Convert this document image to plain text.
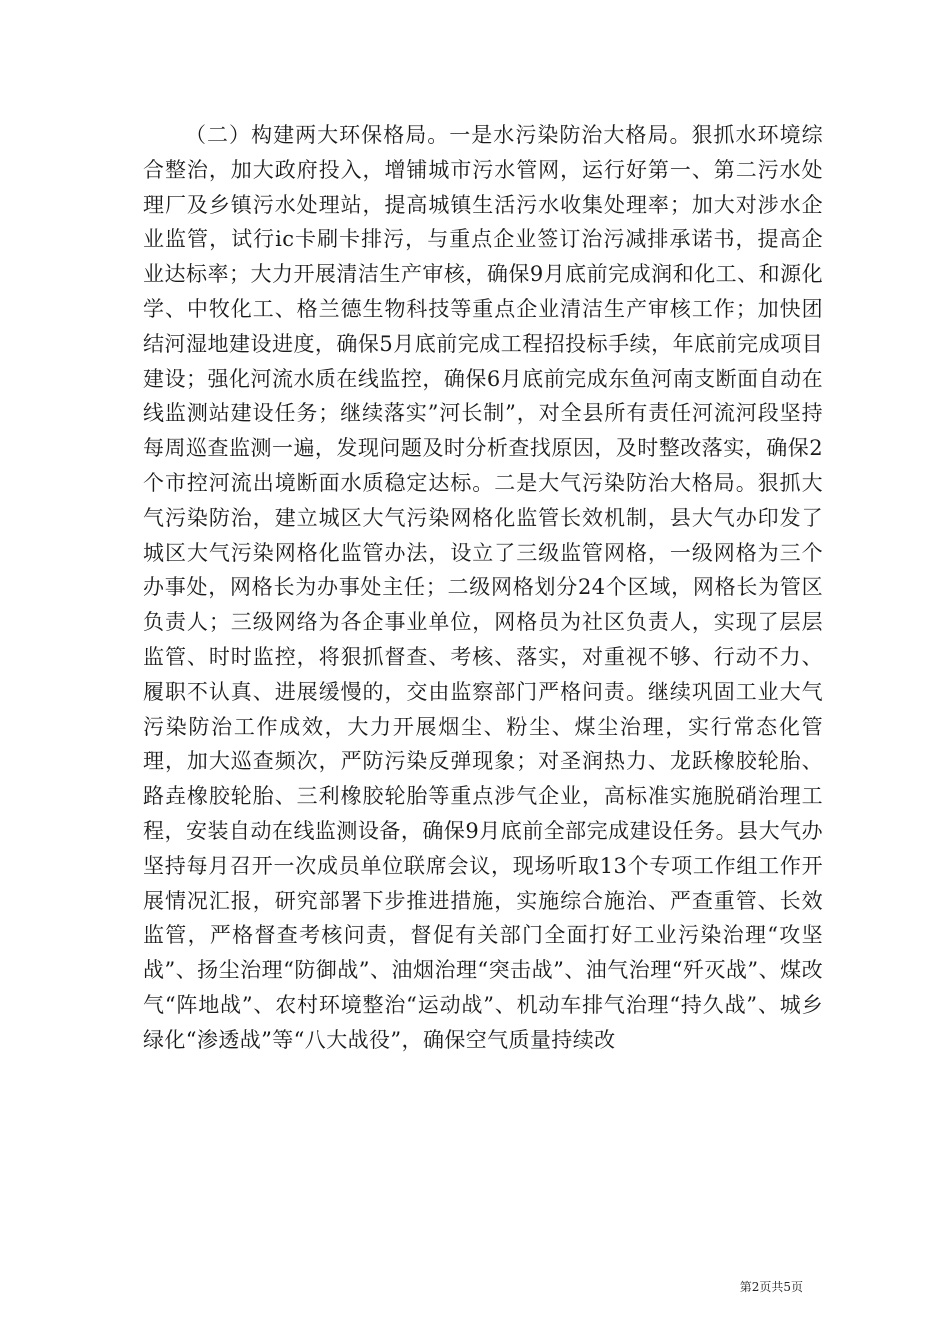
（二）构建两大环保格局。一是水污染防治大格局。狠抓水环境综合整治，加大政府投入，增铺城市污水管网，运行好第一、第二污水处理厂及乡镇污水处理站，提高城镇生活污水收集处理率；加大对涉水企业监管，试行ic卡刷卡排污，与重点企业签订治污减排承诺书，提高企业达标率；大力开展清洁生产审核，确保9月底前完成润和化工、和源化学、中牧化工、格兰德生物科技等重点企业清洁生产审核工作；加快团结河湿地建设进度，确保5月底前完成工程招投标手续，年底前完成项目建设；强化河流水质在线监控，确保6月底前完成东鱼河南支断面自动在线监测站建设任务；继续落实”河长制”，对全县所有责任河流河段坚持每周巡查监测一遍，发现问题及时分析查找原因，及时整改落实，确保2个市控河流出境断面水质稳定达标。二是大气污染防治大格局。狠抓大气污染防治，建立城区大气污染网格化监管长效机制，县大气办印发了城区大气污染网格化监管办法，设立了三级监管网格，一级网格为三个办事处，网格长为办事处主任；二级网格划分24个区域，网格长为管区负责人；三级网络为各企事业单位，网格员为社区负责人，实现了层层监管、时时监控，将狠抓督查、考核、落实，对重视不够、行动不力、履职不认真、进展缓慢的，交由监察部门严格问责。继续巩固工业大气污染防治工作成效，大力开展烟尘、粉尘、煤尘治理，实行常态化管理，加大巡查频次，严防污染反弹现象；对圣润热力、龙跃橡胶轮胎、路垚橡胶轮胎、三利橡胶轮胎等重点涉气企业，高标准实施脱硝治理工程，安装自动在线监测设备，确保9月底前全部完成建设任务。县大气办坚持每月召开一次成员单位联席会议，现场听取13个专项工作组工作开展情况汇报，研究部署下步推进措施，实施综合施治、严查重管、长效监管，严格督查考核问责，督促有关部门全面打好工业污染治理“攻坚战”、扬尘治理“防御战”、油烟治理“突击战”、油气治理“歼灭战”、煤改气“阵地战”、农村环境整治“运动战”、机动车排气治理“持久战”、城乡绿化“渗透战”等“八大战役”，确保空气质量持续改

第2页共5页
